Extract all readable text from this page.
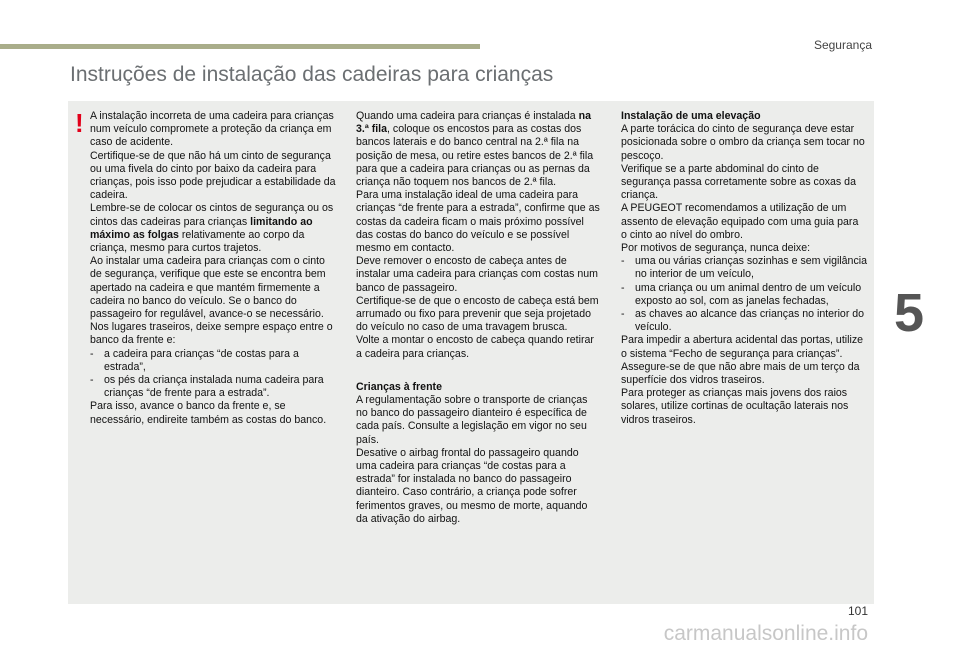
Segurança
Instruções de instalação das cadeiras para crianças
! A instalação incorreta de uma cadeira para crianças num veículo compromete a proteção da criança em caso de acidente.

Certifique-se de que não há um cinto de segurança ou uma fivela do cinto por baixo da cadeira para crianças, pois isso pode prejudicar a estabilidade da cadeira.

Lembre-se de colocar os cintos de segurança ou os cintos das cadeiras para crianças limitando ao máximo as folgas relativamente ao corpo da criança, mesmo para curtos trajetos.

Ao instalar uma cadeira para crianças com o cinto de segurança, verifique que este se encontra bem apertado na cadeira e que mantém firmemente a cadeira no banco do veículo. Se o banco do passageiro for regulável, avance-o se necessário.

Nos lugares traseiros, deixe sempre espaço entre o banco da frente e:

- a cadeira para crianças “de costas para a estrada”,
- os pés da criança instalada numa cadeira para crianças “de frente para a estrada”.

Para isso, avance o banco da frente e, se necessário, endireite também as costas do banco.

Quando uma cadeira para crianças é instalada na 3.ª fila, coloque os encostos para as costas dos bancos laterais e do banco central na 2.ª fila na posição de mesa, ou retire estes bancos de 2.ª fila para que a cadeira para crianças ou as pernas da criança não toquem nos bancos de 2.ª fila.

Para uma instalação ideal de uma cadeira para crianças “de frente para a estrada”, confirme que as costas da cadeira ficam o mais próximo possível das costas do banco do veículo e se possível mesmo em contacto.

Deve remover o encosto de cabeça antes de instalar uma cadeira para crianças com costas num banco de passageiro.

Certifique-se de que o encosto de cabeça está bem arrumado ou fixo para prevenir que seja projetado do veículo no caso de uma travagem brusca.

Volte a montar o encosto de cabeça quando retirar a cadeira para crianças.

Crianças à frente

A regulamentação sobre o transporte de crianças no banco do passageiro dianteiro é específica de cada país. Consulte a legislação em vigor no seu país.

Desative o airbag frontal do passageiro quando uma cadeira para crianças “de costas para a estrada” for instalada no banco do passageiro dianteiro. Caso contrário, a criança pode sofrer ferimentos graves, ou mesmo de morte, aquando da ativação do airbag.

Instalação de uma elevação

A parte torácica do cinto de segurança deve estar posicionada sobre o ombro da criança sem tocar no pescoço.

Verifique se a parte abdominal do cinto de segurança passa corretamente sobre as coxas da criança.

A PEUGEOT recomendamos a utilização de um assento de elevação equipado com uma guia para o cinto ao nível do ombro.

Por motivos de segurança, nunca deixe:

- uma ou várias crianças sozinhas e sem vigilância no interior de um veículo,
- uma criança ou um animal dentro de um veículo exposto ao sol, com as janelas fechadas,
- as chaves ao alcance das crianças no interior do veículo.

Para impedir a abertura acidental das portas, utilize o sistema “Fecho de segurança para crianças”.

Assegure-se de que não abre mais de um terço da superfície dos vidros traseiros.

Para proteger as crianças mais jovens dos raios solares, utilize cortinas de ocultação laterais nos vidros traseiros.

5
101
carmanualsonline.info
